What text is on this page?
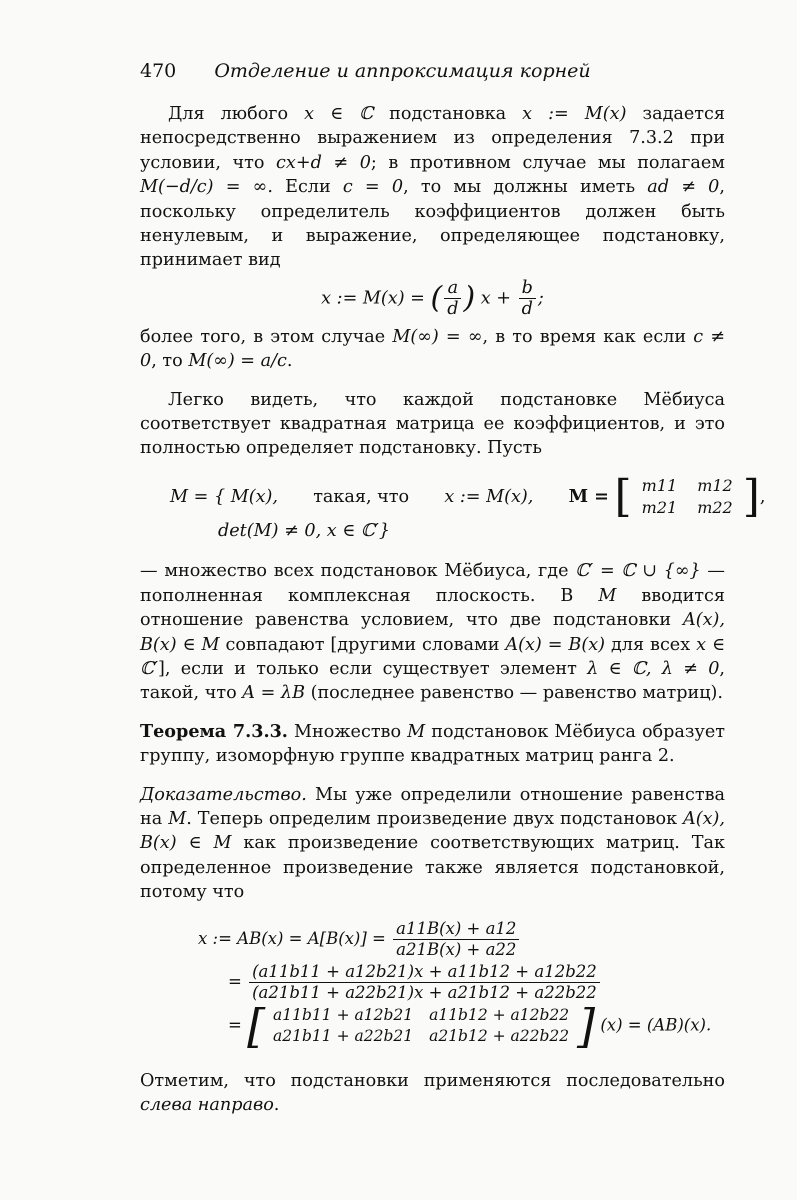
470 Отделение и аппроксимация корней

Для любого x ∈ ℂ подстановка x := M(x) задается непосредственно выражением из определения 7.3.2 при условии, что cx+d ≠ 0; в противном случае мы полагаем M(−d/c) = ∞. Если c = 0, то мы должны иметь ad ≠ 0, поскольку определитель коэффициентов должен быть ненулевым, и выражение, определяющее подстановку, принимает вид

x := M(x) = ( $\frac{a}{d}$ ) $x + \frac{b}{d}$ ;

более того, в этом случае M(∞) = ∞, в то время как если c ≠ 0, то M(∞) = a/c.

Легко видеть, что каждой подстановке Мёбиуса соответствует квадратная матрица ее коэффициентов, и это полностью определяет подстановку. Пусть

M = { M(x), такая, что x := M(x), M = [ m11	m12
m21	m22 ],
det(M) ≠ 0, x ∈ ℂ′}

— множество всех подстановок Мёбиуса, где ℂ′ = ℂ ∪ {∞} — пополненная комплексная плоскость. В M вводится отношение равенства условием, что две подстановки A(x), B(x) ∈ M совпадают [другими словами A(x) = B(x) для всех x ∈ ℂ′], если и только если существует элемент λ ∈ ℂ, λ ≠ 0, такой, что A = λB (последнее равенство — равенство матриц).

Теорема 7.3.3. Множество M подстановок Мёбиуса образует группу, изоморфную группе квадратных матриц ранга 2.

Доказательство. Мы уже определили отношение равенства на M. Теперь определим произведение двух подстановок A(x), B(x) ∈ M как произведение соответствующих матриц. Так определенное произведение также является подстановкой, потому что

x := $AB(x) = A[B(x)] = \frac{a11B(x) + a12}{a21B(x) + a22}$
= $\frac{(a11b11 + a12b21)x + a11b12 + a12b22}{(a21b11 + a22b21)x + a21b12 + a22b22}$
= [ a11b11 + a12b21	a11b12 + a12b22
a21b11 + a22b21	a21b12 + a22b22 ] (x) = (AB)(x).

Отметим, что подстановки применяются последовательно слева направо.
